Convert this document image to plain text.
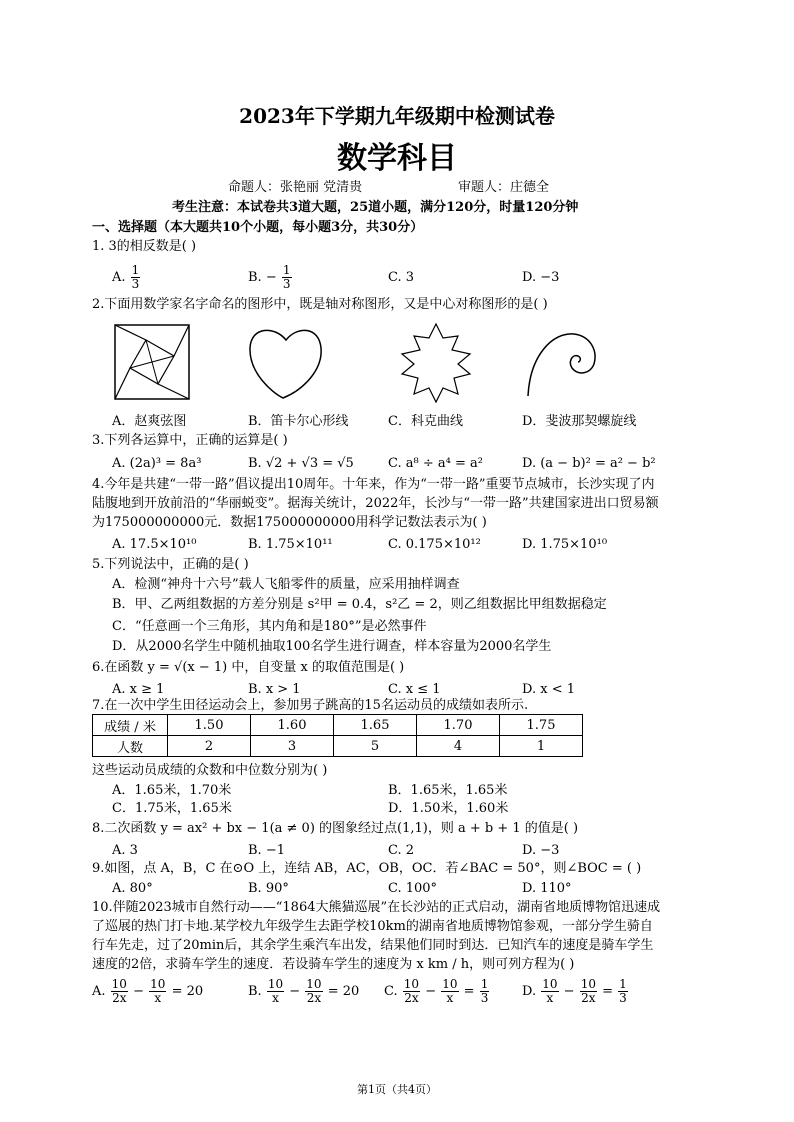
2023年下学期九年级期中检测试卷
数学科目
命题人：张艳丽 党清贵	审题人：庄德全
考生注意：本试卷共3道大题，25道小题，满分120分，时量120分钟
一、选择题（本大题共10个小题，每小题3分，共30分）
1. 3的相反数是( )
A. $\frac{1}{3}$	B. − $\frac{1}{3}$	C. 3	D. −3
2.下面用数学家名字命名的图形中，既是轴对称图形，又是中心对称图形的是( )
A．赵爽弦图	B．笛卡尔心形线	C．科克曲线	D．斐波那契螺旋线
3.下列各运算中，正确的运算是( )
A. (2a)³ = 8a³	B. √2 + √3 = √5	C. a⁸ ÷ a⁴ = a²	D. (a − b)² = a² − b²
4.今年是共建“一带一路”倡议提出10周年。十年来，作为“一带一路”重要节点城市，长沙实现了内
陆腹地到开放前沿的“华丽蜕变”。据海关统计，2022年，长沙与“一带一路”共建国家进出口贸易额
为175000000000元．数据175000000000用科学记数法表示为( )
A. 17.5×10¹⁰	B. 1.75×10¹¹	C. 0.175×10¹²	D. 1.75×10¹⁰
5.下列说法中，正确的是( )
A．检测“神舟十六号”载人飞船零件的质量，应采用抽样调查
B．甲、乙两组数据的方差分别是 s²甲 = 0.4，s²乙 = 2，则乙组数据比甲组数据稳定
C．“任意画一个三角形，其内角和是180°”是必然事件
D．从2000名学生中随机抽取100名学生进行调查，样本容量为2000名学生
6.在函数 y = √(x − 1) 中，自变量 x 的取值范围是( )
A. x ≥ 1	B. x > 1	C. x ≤ 1	D. x < 1
7.在一次中学生田径运动会上，参加男子跳高的15名运动员的成绩如表所示.
成绩 / 米	1.50	1.60	1.65	1.70	1.75
人数	2	3	5	4	1
这些运动员成绩的众数和中位数分别为( )
A．1.65米，1.70米	B．1.65米，1.65米
C．1.75米，1.65米	D．1.50米，1.60米
8.二次函数 y = ax² + bx − 1(a ≠ 0) 的图象经过点(1,1)，则 a + b + 1 的值是( )
A. 3	B. −1	C. 2	D. −3
9.如图，点 A，B，C 在⊙O 上，连结 AB，AC，OB，OC．若∠BAC = 50°，则∠BOC = ( )
A. 80°	B. 90°	C. 100°	D. 110°
10.伴随2023城市自然行动——“1864大熊猫巡展”在长沙站的正式启动，湖南省地质博物馆迅速成
了巡展的热门打卡地.某学校九年级学生去距学校10km的湖南省地质博物馆参观，一部分学生骑自
行车先走，过了20min后，其余学生乘汽车出发，结果他们同时到达．已知汽车的速度是骑车学生
速度的2倍，求骑车学生的速度．若设骑车学生的速度为 x km / h，则可列方程为( )
A. $\frac{10}{2x} - \frac{10}{x} = 20$	B. $\frac{10}{x} - \frac{10}{2x} = 20$ C. $\frac{10}{2x} - \frac{10}{x} = \frac{1}{3}$	D. $\frac{10}{x} - \frac{10}{2x} = \frac{1}{3}$
第1页（共4页）
